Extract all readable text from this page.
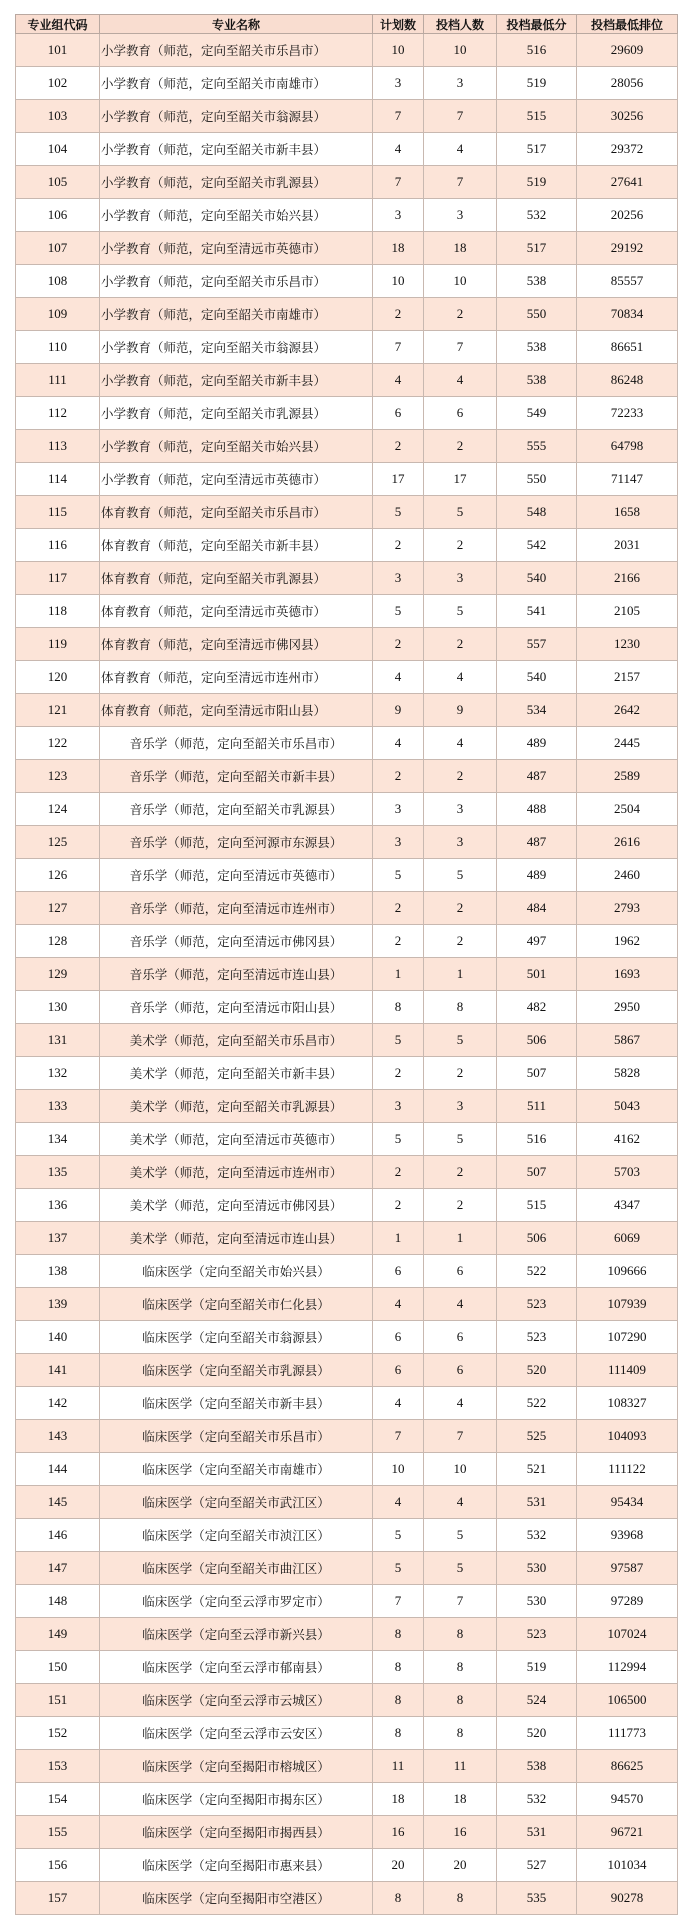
专业组代码	专业名称	计划数	投档人数	投档最低分	投档最低排位
101	小学教育（师范，定向至韶关市乐昌市）	10	10	516	29609
102	小学教育（师范，定向至韶关市南雄市）	3	3	519	28056
103	小学教育（师范，定向至韶关市翁源县）	7	7	515	30256
104	小学教育（师范，定向至韶关市新丰县）	4	4	517	29372
105	小学教育（师范，定向至韶关市乳源县）	7	7	519	27641
106	小学教育（师范，定向至韶关市始兴县）	3	3	532	20256
107	小学教育（师范，定向至清远市英德市）	18	18	517	29192
108	小学教育（师范，定向至韶关市乐昌市）	10	10	538	85557
109	小学教育（师范，定向至韶关市南雄市）	2	2	550	70834
110	小学教育（师范，定向至韶关市翁源县）	7	7	538	86651
111	小学教育（师范，定向至韶关市新丰县）	4	4	538	86248
112	小学教育（师范，定向至韶关市乳源县）	6	6	549	72233
113	小学教育（师范，定向至韶关市始兴县）	2	2	555	64798
114	小学教育（师范，定向至清远市英德市）	17	17	550	71147
115	体育教育（师范，定向至韶关市乐昌市）	5	5	548	1658
116	体育教育（师范，定向至韶关市新丰县）	2	2	542	2031
117	体育教育（师范，定向至韶关市乳源县）	3	3	540	2166
118	体育教育（师范，定向至清远市英德市）	5	5	541	2105
119	体育教育（师范，定向至清远市佛冈县）	2	2	557	1230
120	体育教育（师范，定向至清远市连州市）	4	4	540	2157
121	体育教育（师范，定向至清远市阳山县）	9	9	534	2642
122	音乐学（师范，定向至韶关市乐昌市）	4	4	489	2445
123	音乐学（师范，定向至韶关市新丰县）	2	2	487	2589
124	音乐学（师范，定向至韶关市乳源县）	3	3	488	2504
125	音乐学（师范，定向至河源市东源县）	3	3	487	2616
126	音乐学（师范，定向至清远市英德市）	5	5	489	2460
127	音乐学（师范，定向至清远市连州市）	2	2	484	2793
128	音乐学（师范，定向至清远市佛冈县）	2	2	497	1962
129	音乐学（师范，定向至清远市连山县）	1	1	501	1693
130	音乐学（师范，定向至清远市阳山县）	8	8	482	2950
131	美术学（师范，定向至韶关市乐昌市）	5	5	506	5867
132	美术学（师范，定向至韶关市新丰县）	2	2	507	5828
133	美术学（师范，定向至韶关市乳源县）	3	3	511	5043
134	美术学（师范，定向至清远市英德市）	5	5	516	4162
135	美术学（师范，定向至清远市连州市）	2	2	507	5703
136	美术学（师范，定向至清远市佛冈县）	2	2	515	4347
137	美术学（师范，定向至清远市连山县）	1	1	506	6069
138	临床医学（定向至韶关市始兴县）	6	6	522	109666
139	临床医学（定向至韶关市仁化县）	4	4	523	107939
140	临床医学（定向至韶关市翁源县）	6	6	523	107290
141	临床医学（定向至韶关市乳源县）	6	6	520	111409
142	临床医学（定向至韶关市新丰县）	4	4	522	108327
143	临床医学（定向至韶关市乐昌市）	7	7	525	104093
144	临床医学（定向至韶关市南雄市）	10	10	521	111122
145	临床医学（定向至韶关市武江区）	4	4	531	95434
146	临床医学（定向至韶关市浈江区）	5	5	532	93968
147	临床医学（定向至韶关市曲江区）	5	5	530	97587
148	临床医学（定向至云浮市罗定市）	7	7	530	97289
149	临床医学（定向至云浮市新兴县）	8	8	523	107024
150	临床医学（定向至云浮市郁南县）	8	8	519	112994
151	临床医学（定向至云浮市云城区）	8	8	524	106500
152	临床医学（定向至云浮市云安区）	8	8	520	111773
153	临床医学（定向至揭阳市榕城区）	11	11	538	86625
154	临床医学（定向至揭阳市揭东区）	18	18	532	94570
155	临床医学（定向至揭阳市揭西县）	16	16	531	96721
156	临床医学（定向至揭阳市惠来县）	20	20	527	101034
157	临床医学（定向至揭阳市空港区）	8	8	535	90278
